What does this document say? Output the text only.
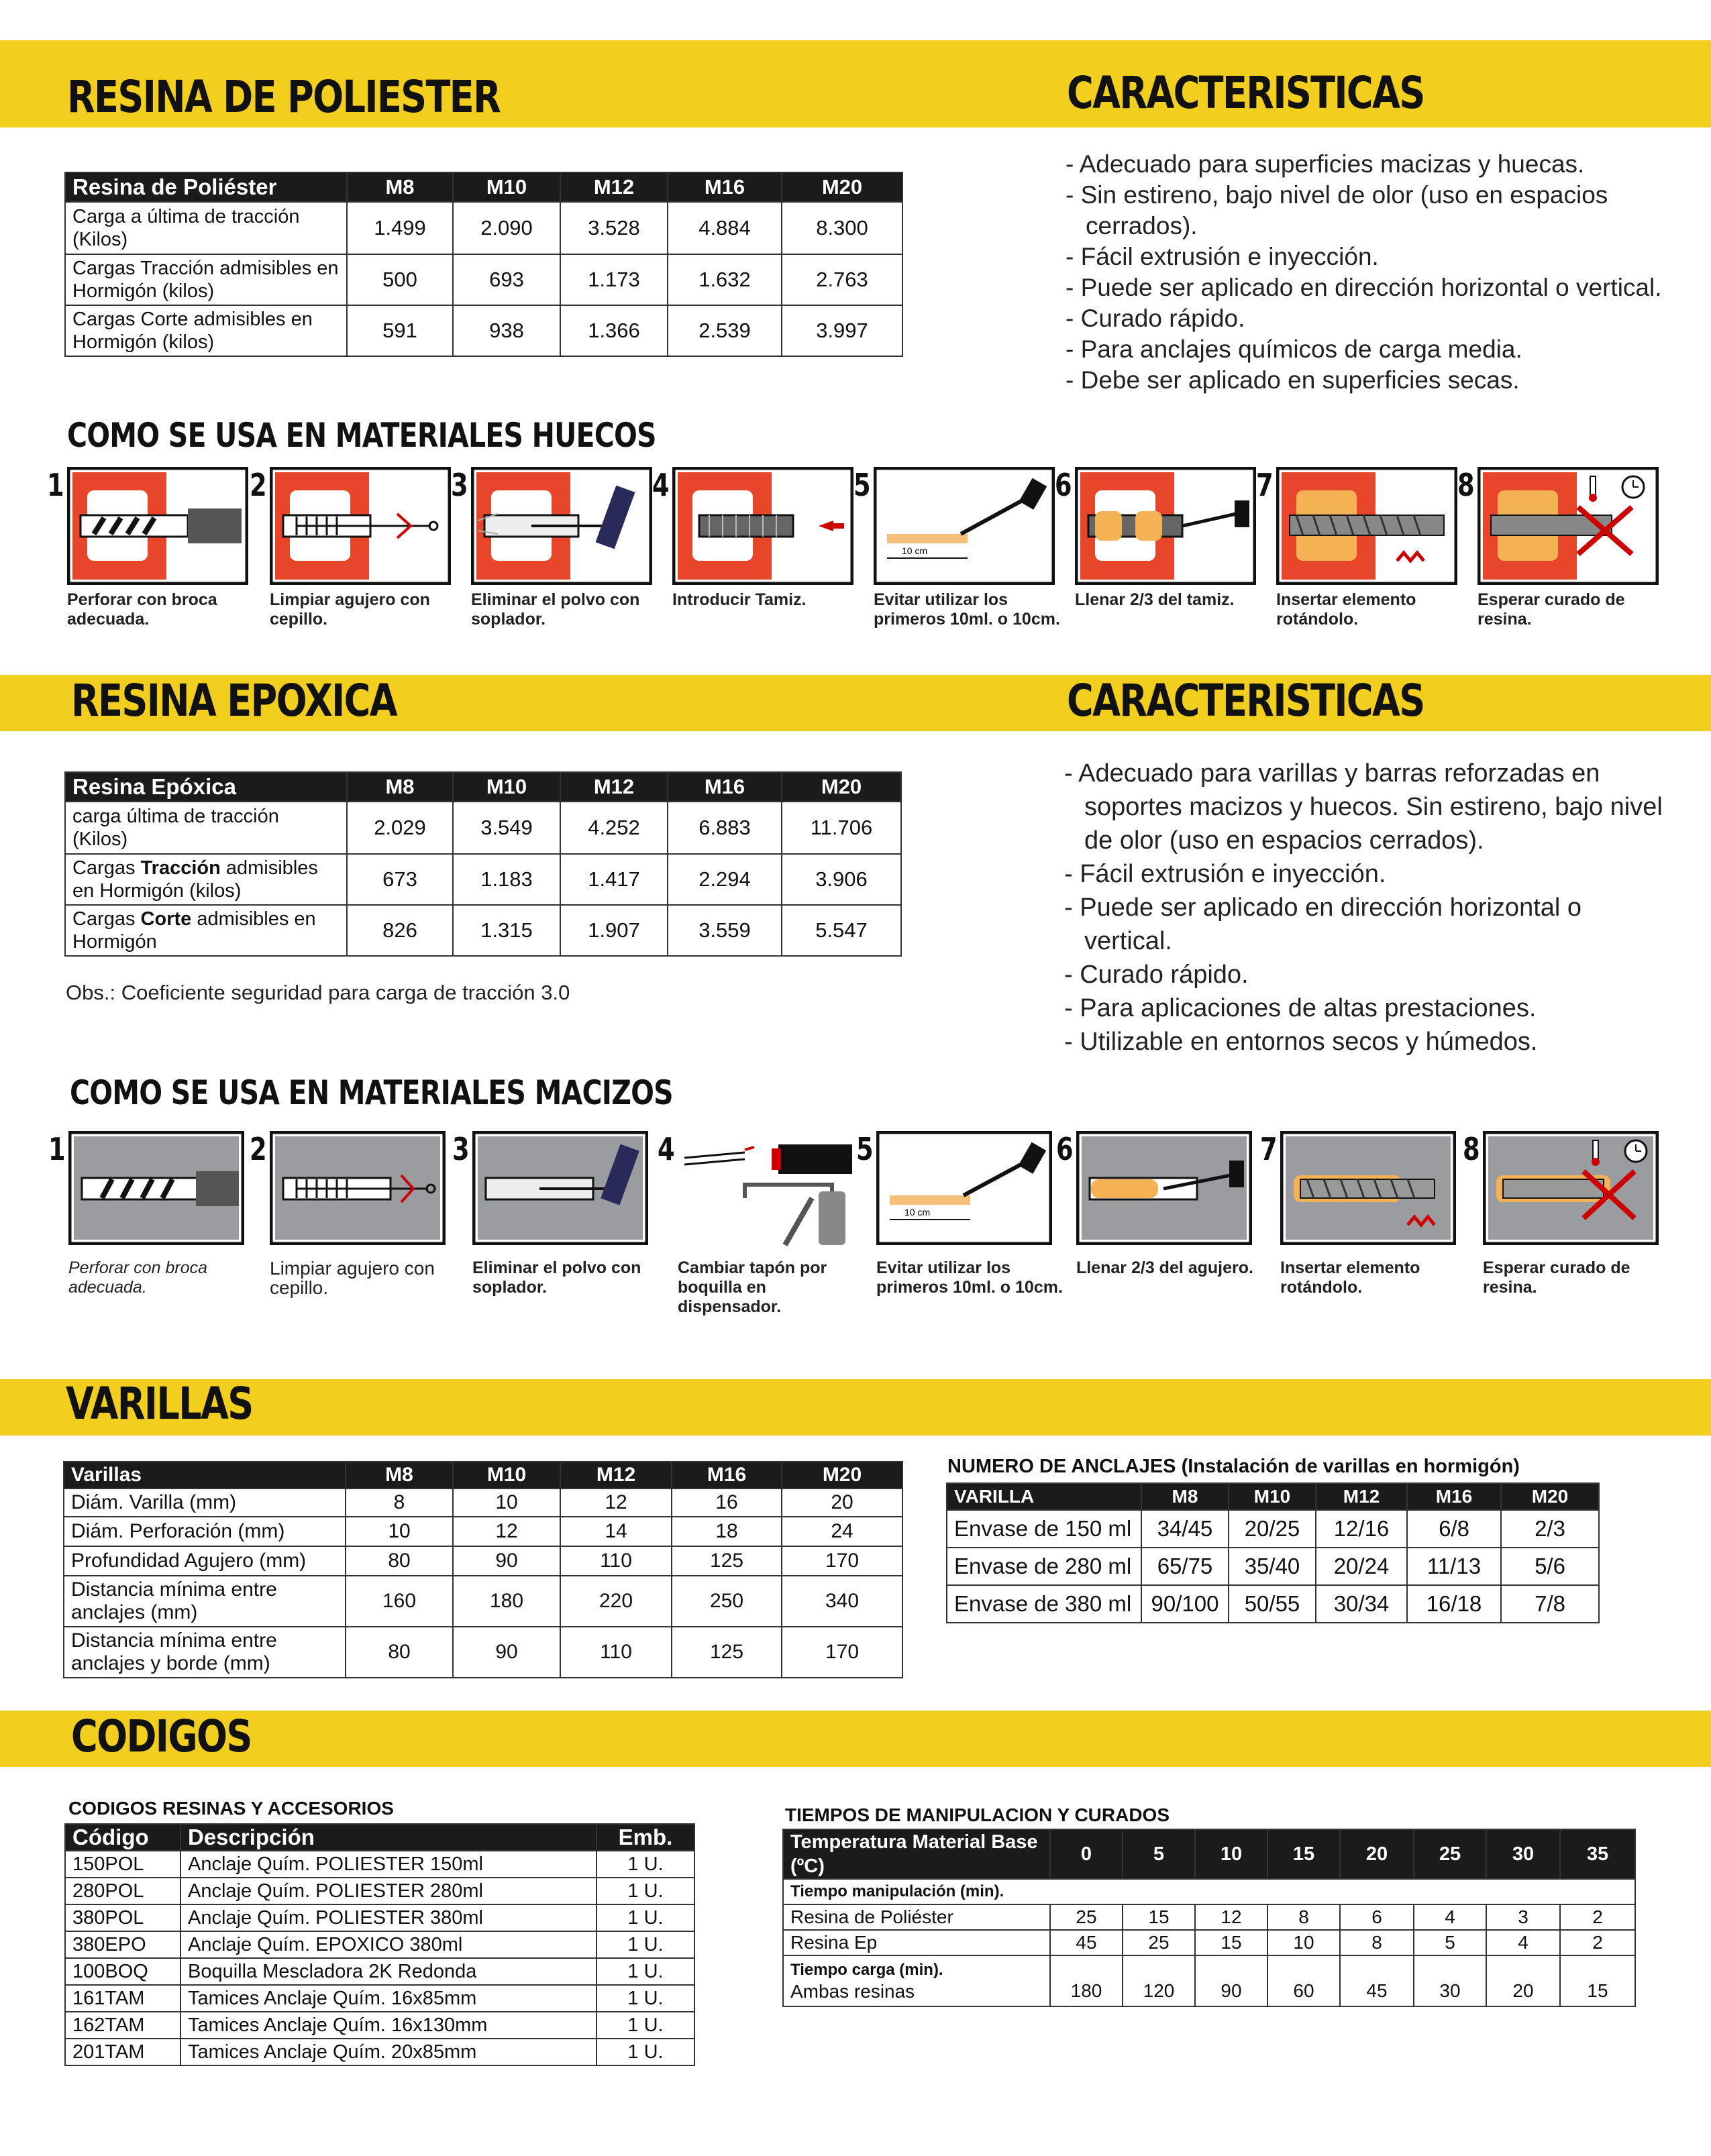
RESINA DE POLIESTER	CARACTERISTICAS
Resina de Poliéster	M8	M10	M12	M16	M20
Carga a última de tracción (Kilos)	1.499	2.090	3.528	4.884	8.300
Cargas Tracción admisibles en Hormigón (kilos)	500	693	1.173	1.632	2.763
Cargas Corte admisibles en Hormigón (kilos)	591	938	1.366	2.539	3.997
- Adecuado para superficies macizas y huecas.
- Sin estireno, bajo nivel de olor (uso en espacios cerrados).
- Fácil extrusión e inyección.
- Puede ser aplicado en dirección horizontal o vertical.
- Curado rápido.
- Para anclajes químicos de carga media.
- Debe ser aplicado en superficies secas.
COMO SE USA EN MATERIALES HUECOS
1
Perforar con broca adecuada.
2
Limpiar agujero con cepillo.
3
Eliminar el polvo con soplador.
4
Introducir Tamiz.
5
10 cm
Evitar utilizar los primeros 10ml. o 10cm.
6
Llenar 2/3 del tamiz.
7
Insertar elemento rotándolo.
8
Esperar curado de resina.
RESINA EPOXICA	CARACTERISTICAS
Resina Epóxica	M8	M10	M12	M16	M20
carga última de tracción (Kilos)	2.029	3.549	4.252	6.883	11.706
Cargas Tracción admisibles en Hormigón (kilos)	673	1.183	1.417	2.294	3.906
Cargas Corte admisibles en Hormigón	826	1.315	1.907	3.559	5.547
Obs.: Coeficiente seguridad para carga de tracción 3.0
- Adecuado para varillas y barras reforzadas en soportes macizos y huecos. Sin estireno, bajo nivel de olor (uso en espacios cerrados).
- Fácil extrusión e inyección.
- Puede ser aplicado en dirección horizontal o vertical.
- Curado rápido.
- Para aplicaciones de altas prestaciones.
- Utilizable en entornos secos y húmedos.
COMO SE USA EN MATERIALES MACIZOS
1
Perforar con broca adecuada.
2
Limpiar agujero con cepillo.
3
Eliminar el polvo con soplador.
4
Cambiar tapón por boquilla en dispensador.
5
10 cm
Evitar utilizar los primeros 10ml. o 10cm.
6
Llenar 2/3 del agujero.
7
Insertar elemento rotándolo.
8
Esperar curado de resina.
VARILLAS
Varillas	M8	M10	M12	M16	M20
Diám. Varilla (mm)	8	10	12	16	20
Diám. Perforación (mm)	10	12	14	18	24
Profundidad Agujero (mm)	80	90	110	125	170
Distancia mínima entre anclajes (mm)	160	180	220	250	340
Distancia mínima entre anclajes y borde (mm)	80	90	110	125	170
NUMERO DE ANCLAJES (Instalación de varillas en hormigón)
VARILLA	M8	M10	M12	M16	M20
Envase de 150 ml	34/45	20/25	12/16	6/8	2/3
Envase de 280 ml	65/75	35/40	20/24	11/13	5/6
Envase de 380 ml	90/100	50/55	30/34	16/18	7/8
CODIGOS
CODIGOS RESINAS Y ACCESORIOS
Código	Descripción	Emb.
150POL	Anclaje Quím. POLIESTER 150ml	1 U.
280POL	Anclaje Quím. POLIESTER 280ml	1 U.
380POL	Anclaje Quím. POLIESTER 380ml	1 U.
380EPO	Anclaje Quím. EPOXICO 380ml	1 U.
100BOQ	Boquilla Mescladora 2K Redonda	1 U.
161TAM	Tamices Anclaje Quím. 16x85mm	1 U.
162TAM	Tamices Anclaje Quím. 16x130mm	1 U.
201TAM	Tamices Anclaje Quím. 20x85mm	1 U.
TIEMPOS DE MANIPULACION Y CURADOS
Temperatura Material Base (ºC)	0	5	10	15	20	25	30	35
Tiempo manipulación (min).								
Resina de Poliéster	25	15	12	8	6	4	3	2
Resina Ep	45	25	15	10	8	5	4	2

Tiempo carga (min).
Ambas resinas	180	120	90	60	45	30	20	15
